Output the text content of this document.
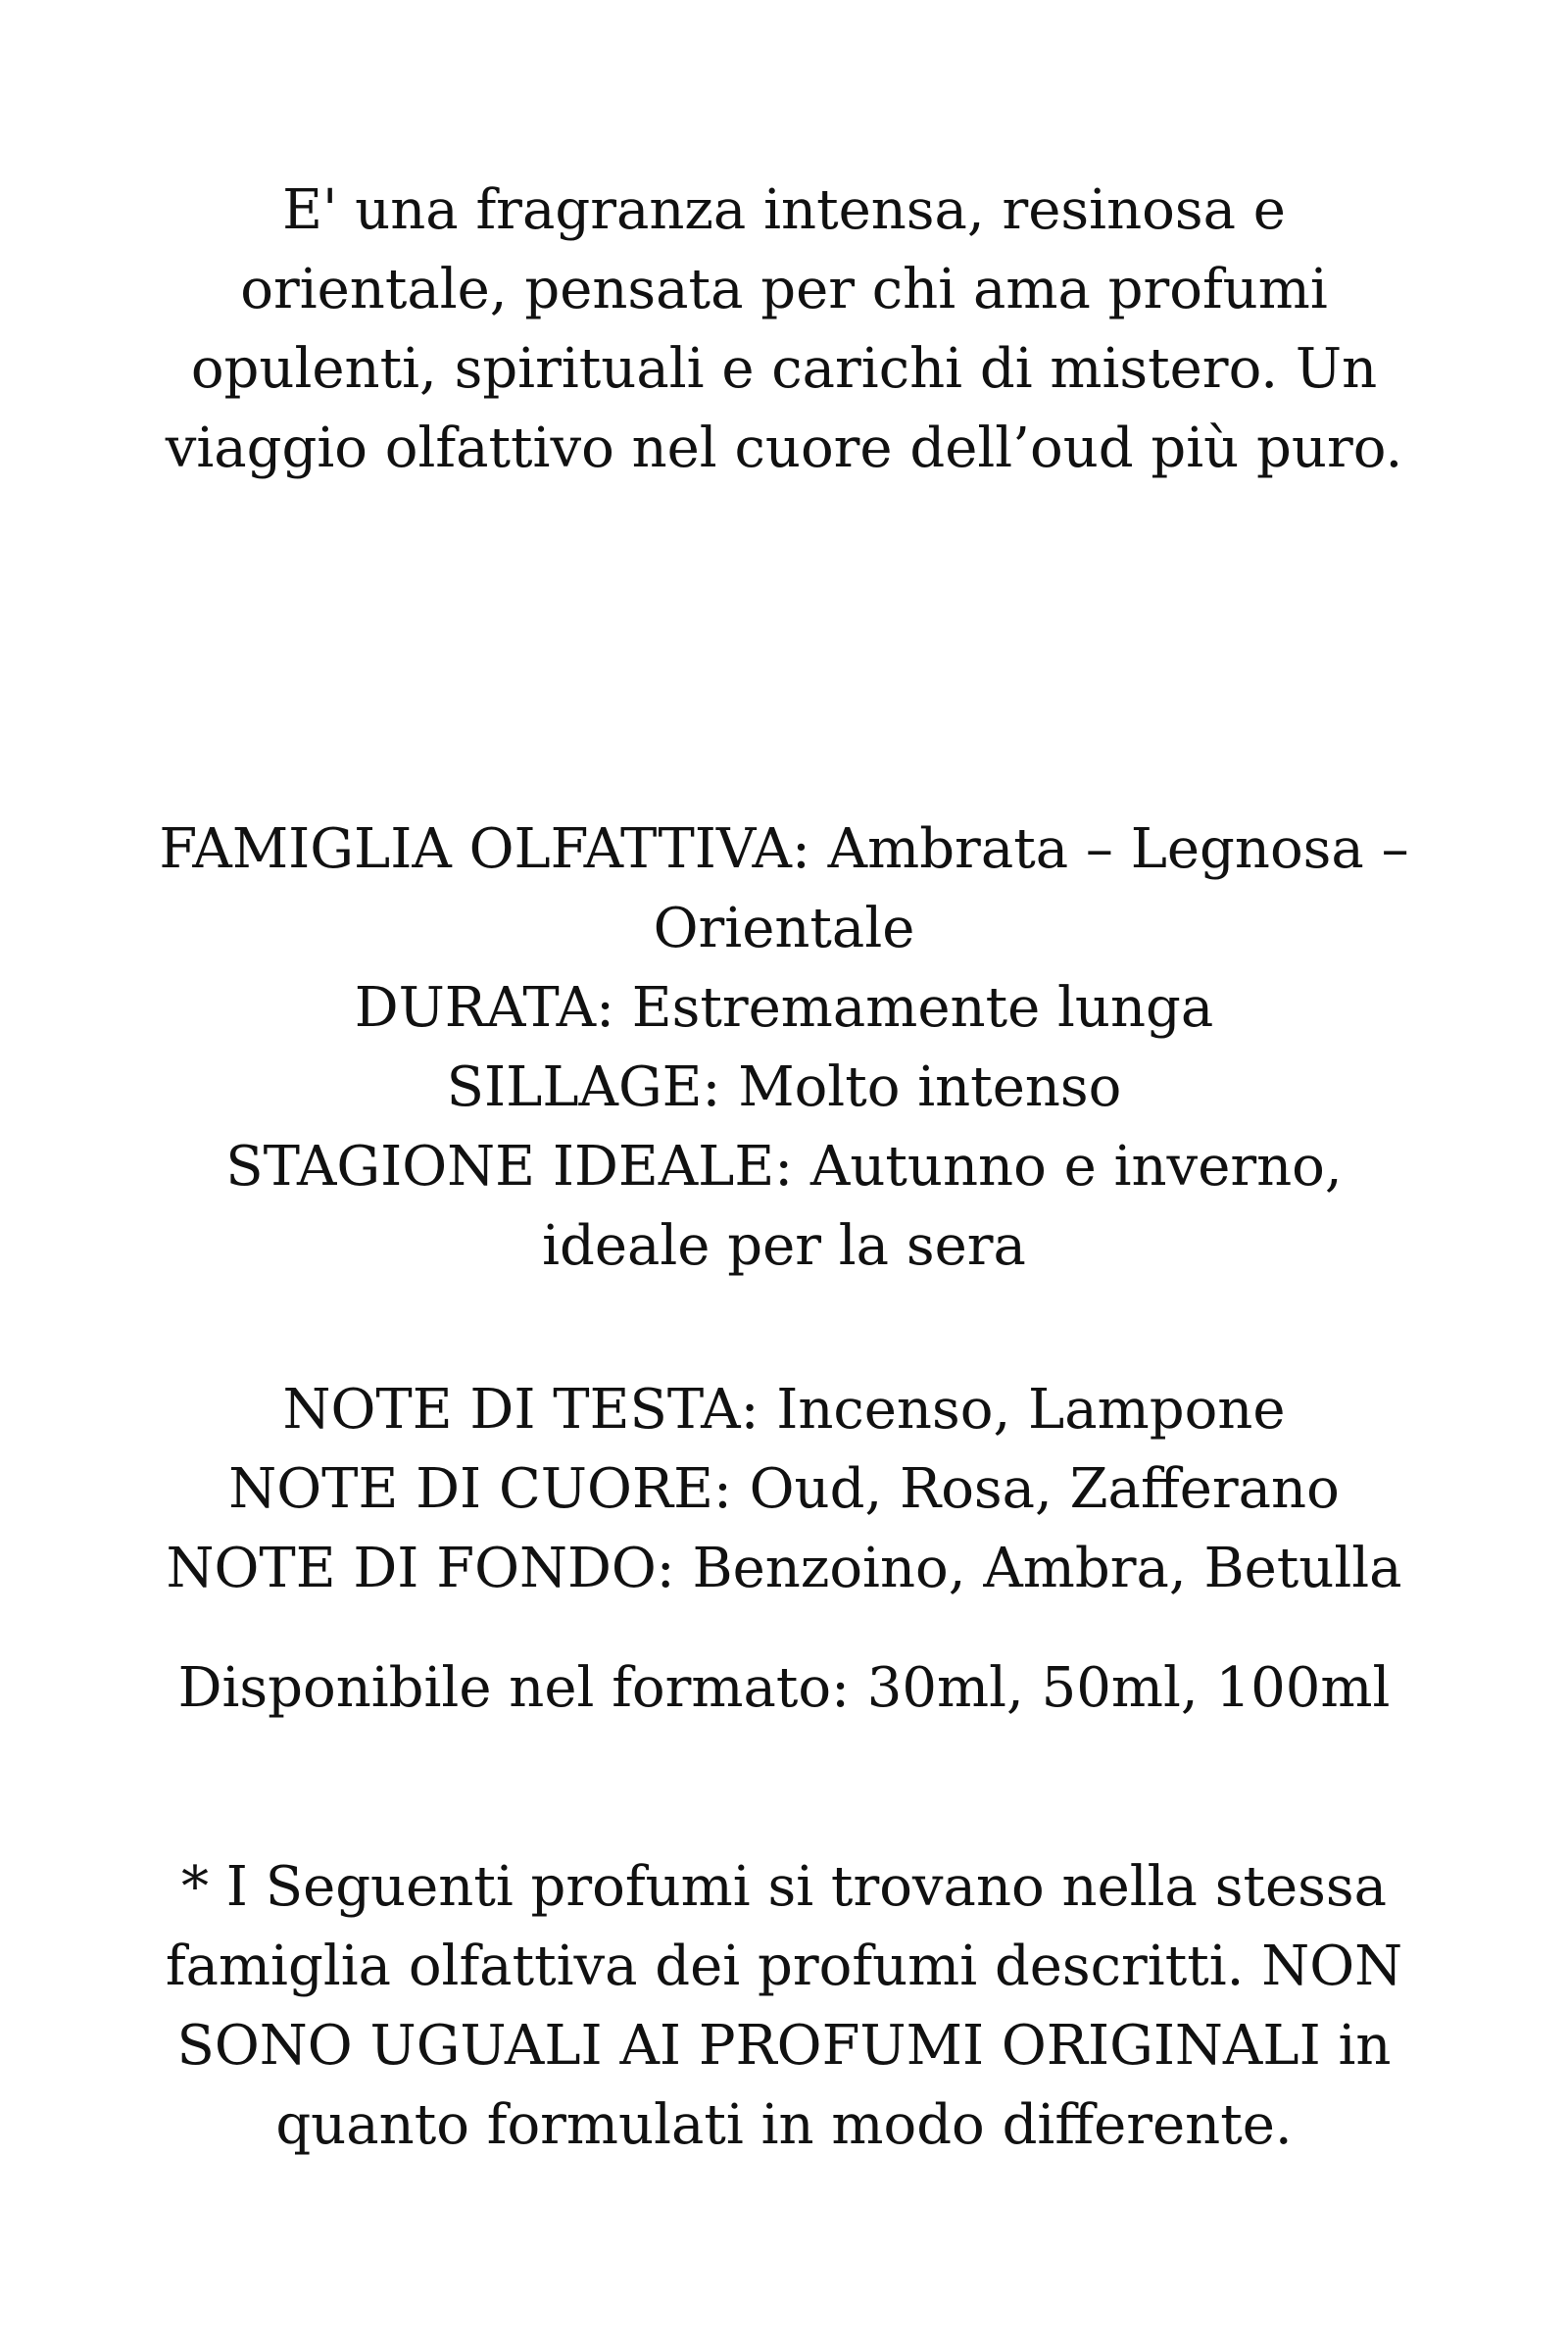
E' una fragranza intensa, resinosa e
orientale, pensata per chi ama profumi
opulenti, spirituali e carichi di mistero. Un
viaggio olfattivo nel cuore dell’oud più puro.
FAMIGLIA OLFATTIVA: Ambrata – Legnosa –
Orientale
DURATA: Estremamente lunga
SILLAGE: Molto intenso
STAGIONE IDEALE: Autunno e inverno,
ideale per la sera
NOTE DI TESTA: Incenso, Lampone
NOTE DI CUORE: Oud, Rosa, Zafferano
NOTE DI FONDO: Benzoino, Ambra, Betulla
Disponibile nel formato: 30ml, 50ml, 100ml
* I Seguenti profumi si trovano nella stessa
famiglia olfattiva dei profumi descritti. NON
SONO UGUALI AI PROFUMI ORIGINALI in
quanto formulati in modo differente.
